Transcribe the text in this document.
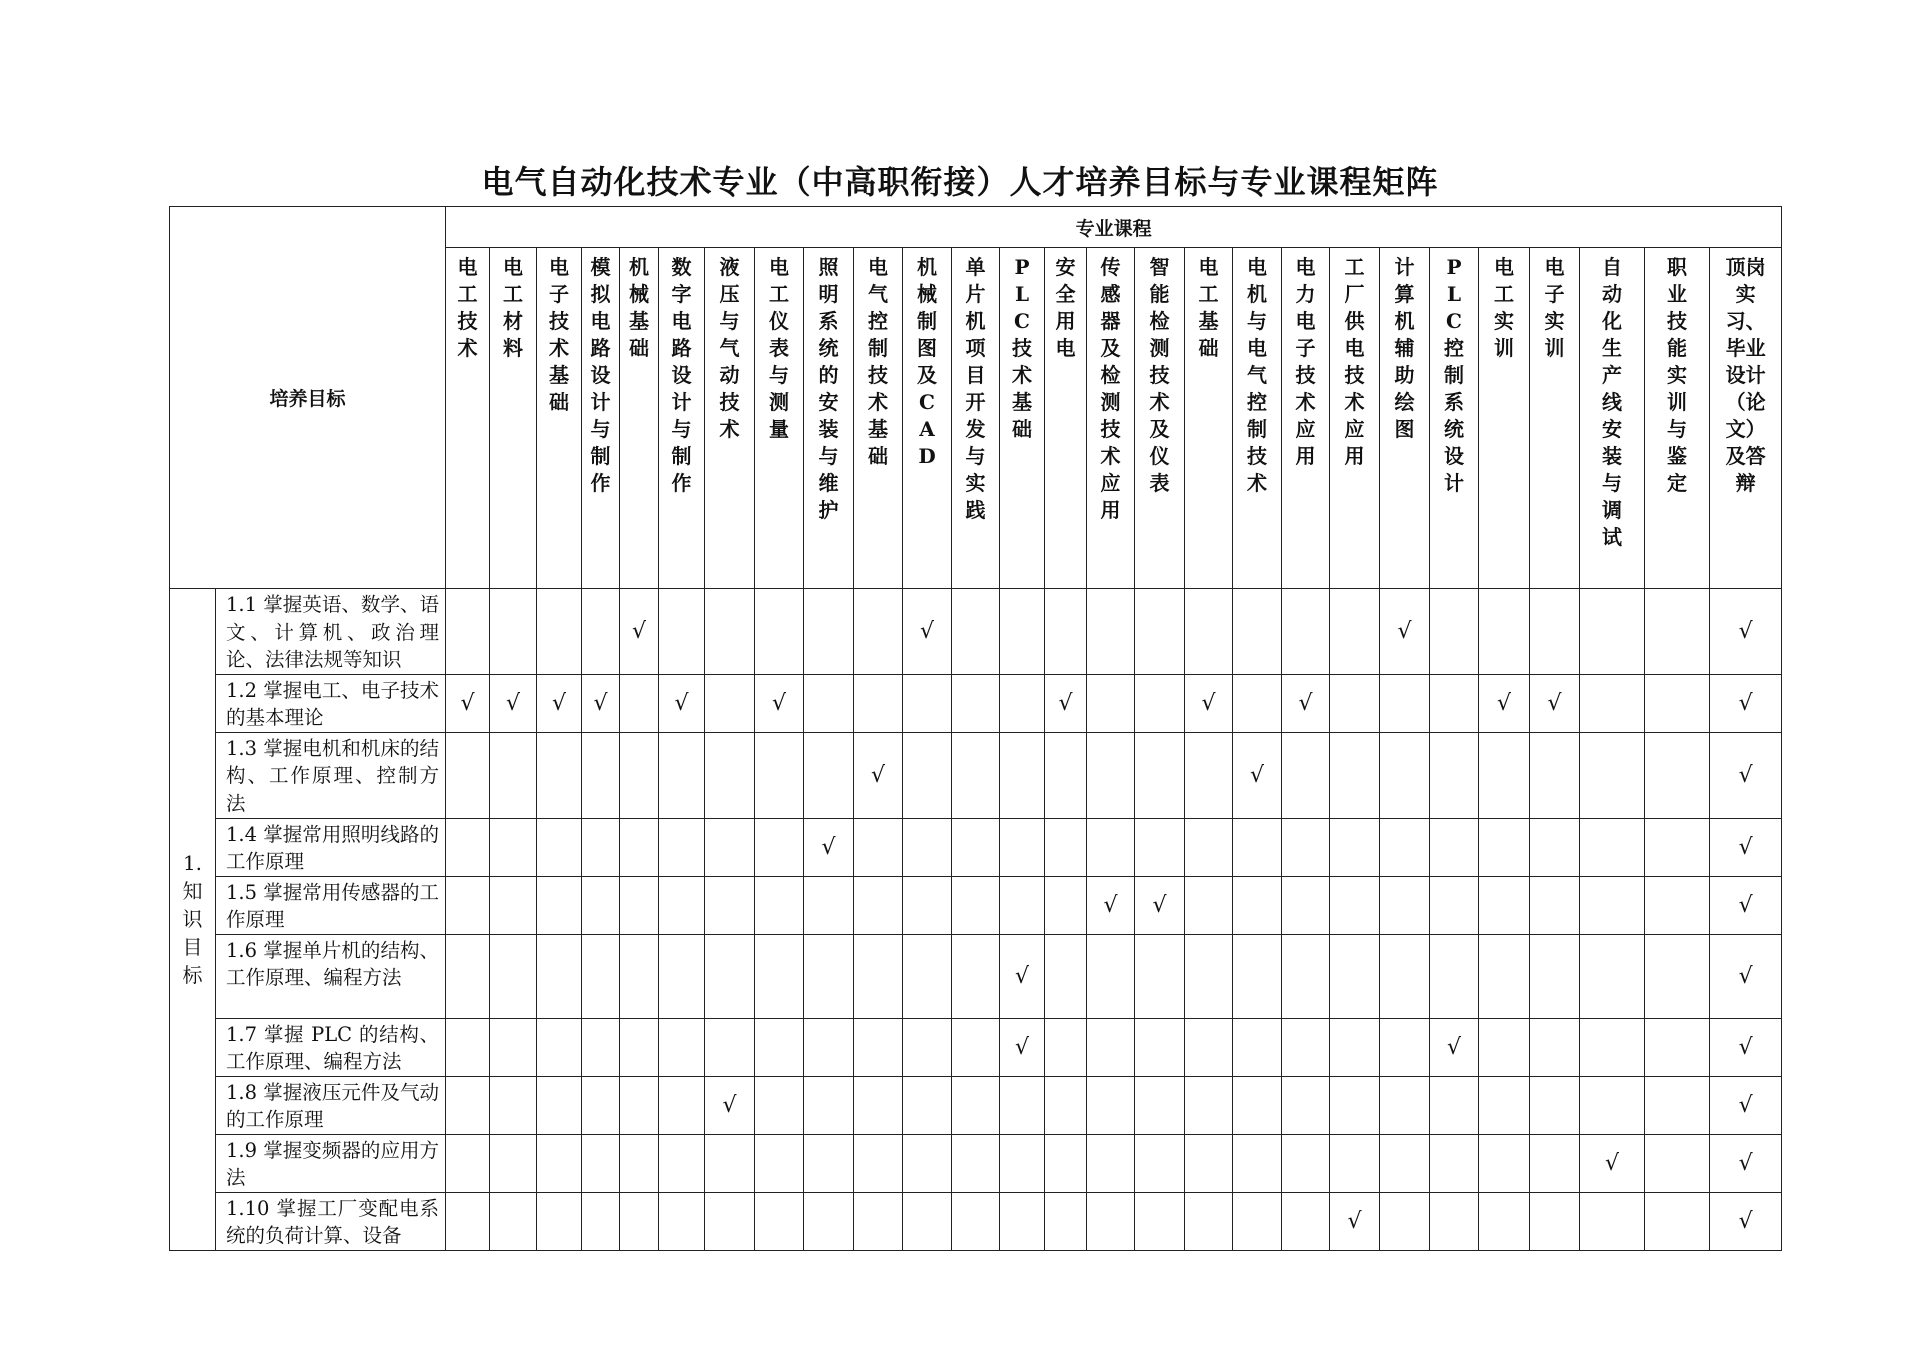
电气自动化技术专业（中高职衔接）人才培养目标与专业课程矩阵
培养目标		专业课程																										
		电工技术	电工材料	电子技术基础	模拟电路设计与制作	机械基础	数字电路设计与制作	液压与气动技术	电工仪表与测量	照明系统的安装与维护	电气控制技术基础	机械制图及CAD	单片机项目开发与实践	PLC技术基础	安全用电	传感器及检测技术应用	智能检测技术及仪表	电工基础	电机与电气控制技术	电力电子技术应用	工厂供电技术应用	计算机辅助绘图	PLC控制系统设计	电工实训	电子实训	自动化生产线安装与调试	职业技能实训与鉴定	顶岗实习、毕业设计（论文）及答辩
1.知识目标	1.1 掌握英语、数学、语文、计算机、政治理论、法律法规等知识					√						√										√						√
	1.2 掌握电工、电子技术的基本理论	√	√	√	√		√		√						√			√		√				√	√			√
	1.3 掌握电机和机床的结构、工作原理、控制方法										√								√									√
	1.4 掌握常用照明线路的工作原理									√																		√
	1.5 掌握常用传感器的工作原理															√	√											√
	1.6 掌握单片机的结构、工作原理、编程方法													√														√
	1.7 掌握 PLC 的结构、工作原理、编程方法													√									√					√
	1.8 掌握液压元件及气动的工作原理							√																				√
	1.9 掌握变频器的应用方法																									√		√
	1.10 掌握工厂变配电系统的负荷计算、设备																				√							√
